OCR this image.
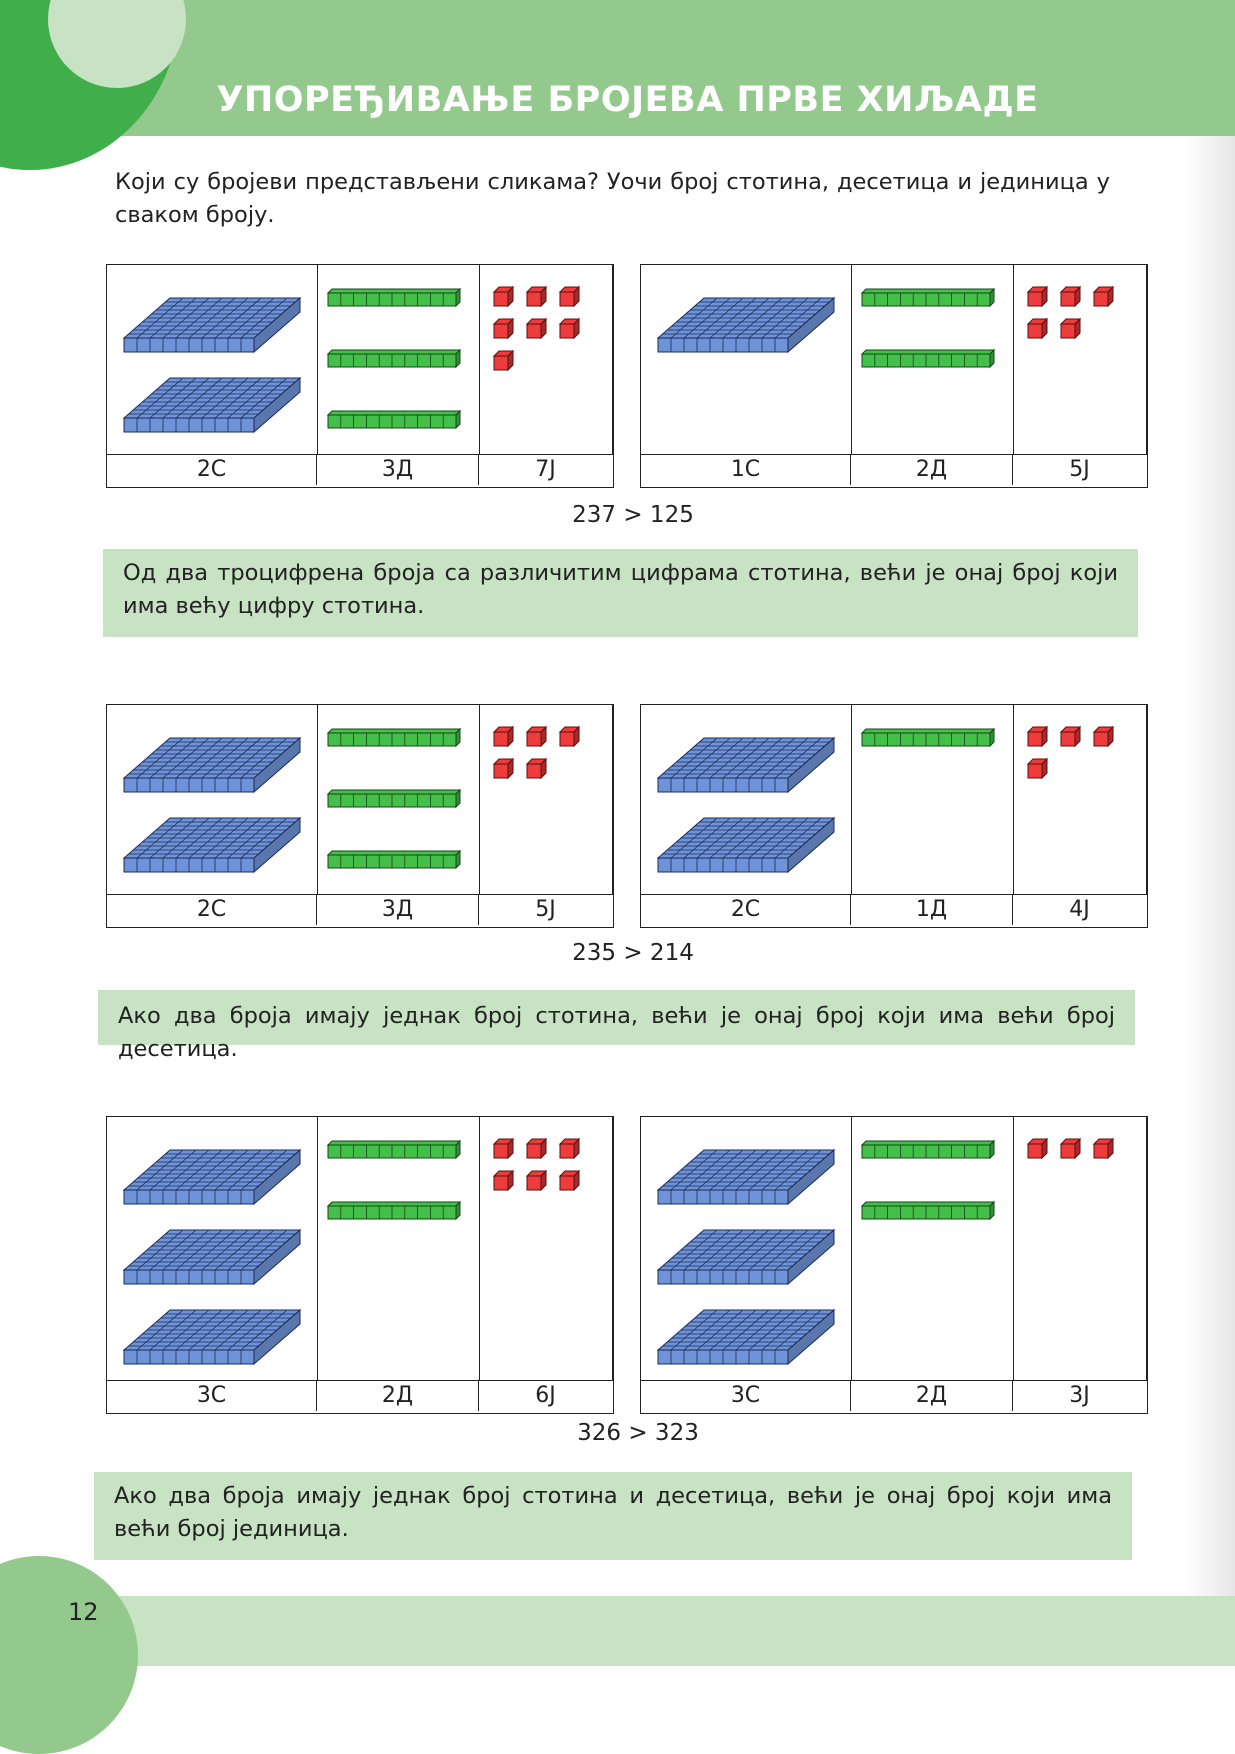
УПОРЕЂИВАЊЕ БРОЈЕВА ПРВЕ ХИЉАДЕ
Који су бројеви представљени сликама? Уочи број стотина, десетица и јединица у сваком броју.
2С	3Д	7Ј	1С	2Д	5Ј
237 > 125
Од два троцифрена броја са различитим цифрама стотина, већи је онај број који има већу цифру стотина.
2С	3Д	5Ј	2С	1Д	4Ј
235 > 214
Ако два броја имају једнак број стотина, већи је онај број који има већи број десетица.
3С	2Д	6Ј	3С	2Д	3Ј
326 > 323
Ако два броја имају једнак број стотина и десетица, већи је онај број који има већи број јединица.
12
